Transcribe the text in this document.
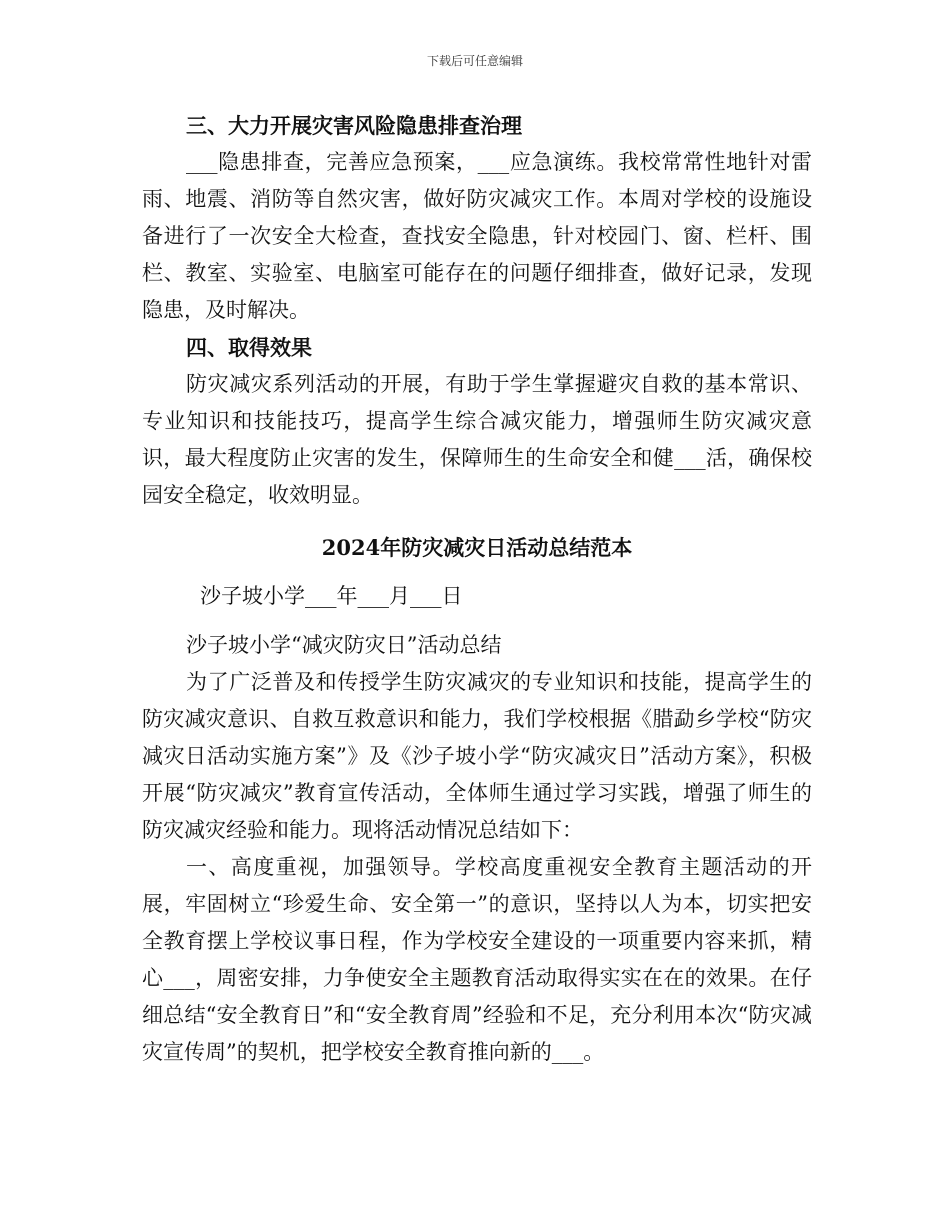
下载后可任意编辑

三、大力开展灾害风险隐患排查治理

___隐患排查，完善应急预案，___应急演练。我校常常性地针对雷雨、地震、消防等自然灾害，做好防灾减灾工作。本周对学校的设施设备进行了一次安全大检查，查找安全隐患，针对校园门、窗、栏杆、围栏、教室、实验室、电脑室可能存在的问题仔细排查，做好记录，发现隐患，及时解决。

四、取得效果

防灾减灾系列活动的开展，有助于学生掌握避灾自救的基本常识、专业知识和技能技巧，提高学生综合减灾能力，增强师生防灾减灾意识，最大程度防止灾害的发生，保障师生的生命安全和健___活，确保校园安全稳定，收效明显。

2024年防灾减灾日活动总结范本

沙子坡小学___年___月___日

沙子坡小学“减灾防灾日”活动总结

为了广泛普及和传授学生防灾减灾的专业知识和技能，提高学生的防灾减灾意识、自救互救意识和能力，我们学校根据《腊勐乡学校“防灾减灾日活动实施方案”》及《沙子坡小学“防灾减灾日”活动方案》，积极开展“防灾减灾”教育宣传活动，全体师生通过学习实践，增强了师生的防灾减灾经验和能力。现将活动情况总结如下：

一、高度重视，加强领导。学校高度重视安全教育主题活动的开展，牢固树立“珍爱生命、安全第一”的意识，坚持以人为本，切实把安全教育摆上学校议事日程，作为学校安全建设的一项重要内容来抓，精心___，周密安排，力争使安全主题教育活动取得实实在在的效果。在仔细总结“安全教育日”和“安全教育周”经验和不足，充分利用本次“防灾减灾宣传周”的契机，把学校安全教育推向新的___。
